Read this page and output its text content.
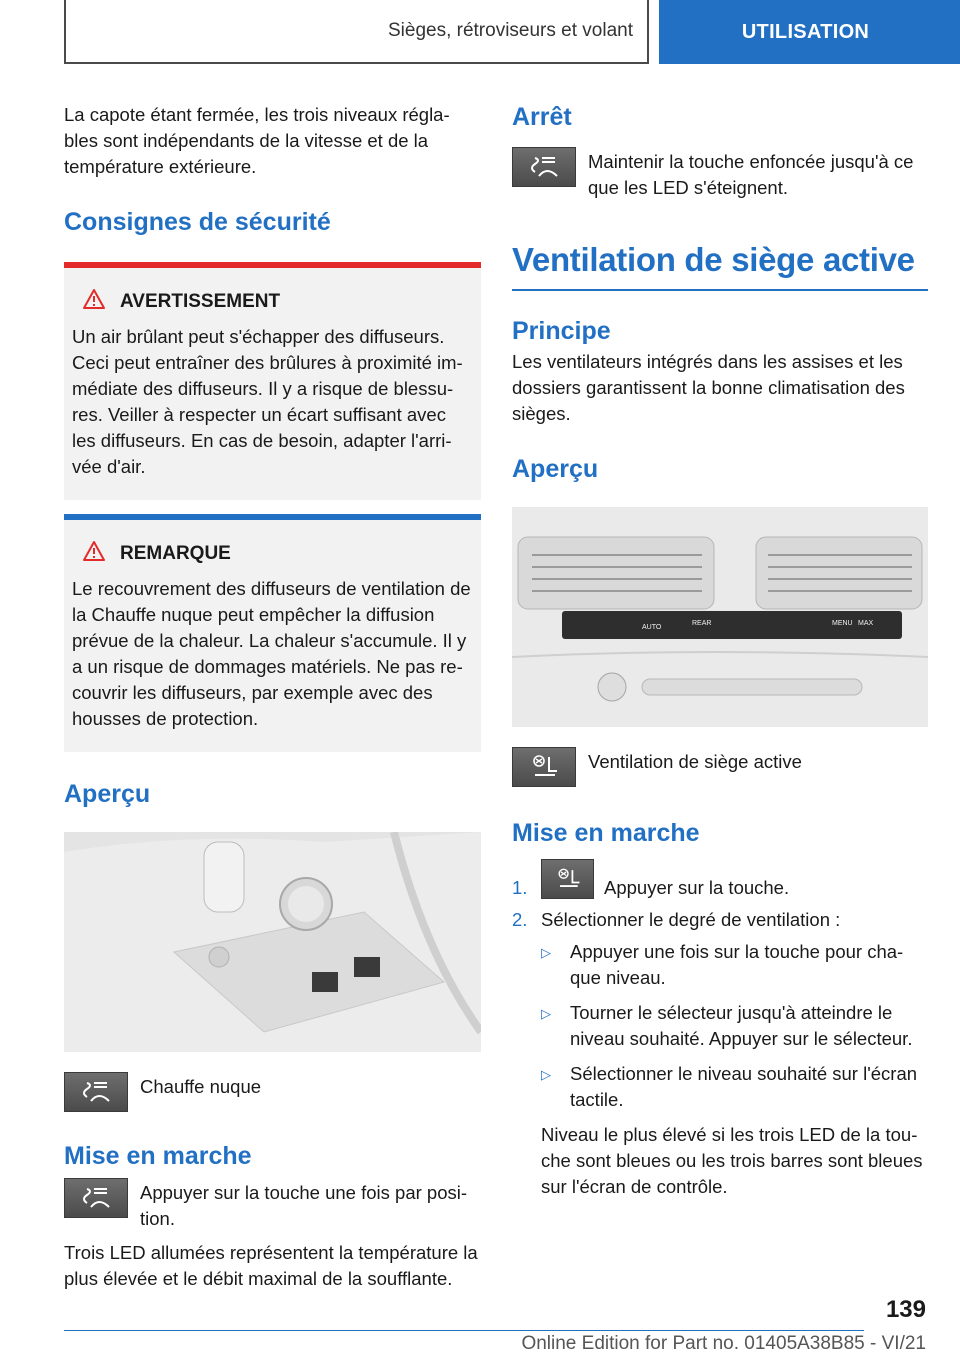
Sièges, rétroviseurs et volant	UTILISATION

La capote étant fermée, les trois niveaux régla-bles sont indépendants de la vitesse et de la température extérieure.

Consignes de sécurité
AVERTISSEMENT

Un air brûlant peut s'échapper des diffuseurs. Ceci peut entraîner des brûlures à proximité im-médiate des diffuseurs. Il y a risque de blessu-res. Veiller à respecter un écart suffisant avec les diffuseurs. En cas de besoin, adapter l'arri-vée d'air.

REMARQUE

Le recouvrement des diffuseurs de ventilation de la Chauffe nuque peut empêcher la diffusion prévue de la chaleur. La chaleur s'accumule. Il y a un risque de dommages matériels. Ne pas re-couvrir les diffuseurs, par exemple avec des housses de protection.

Aperçu
Chauffe nuque
Mise en marche
Appuyer sur la touche une fois par posi-tion.

Trois LED allumées représentent la température la plus élevée et le débit maximal de la soufflante.

Arrêt
Maintenir la touche enfoncée jusqu'à ce que les LED s'éteignent.
Ventilation de siège active
Principe

Les ventilateurs intégrés dans les assises et les dossiers garantissent la bonne climatisation des sièges.

Aperçu
AUTO
REAR	MAX
MENU
Ventilation de siège active
Mise en marche
1.	Appuyer sur la touche.
2. Sélectionner le degré de ventilation :
▷	Appuyer une fois sur la touche pour cha-que niveau.
▷	Tourner le sélecteur jusqu'à atteindre le niveau souhaité. Appuyer sur le sélecteur.
▷	Sélectionner le niveau souhaité sur l'écran tactile.

Niveau le plus élevé si les trois LED de la tou-che sont bleues ou les trois barres sont bleues sur l'écran de contrôle.

139
Online Edition for Part no. 01405A38B85 - VI/21
